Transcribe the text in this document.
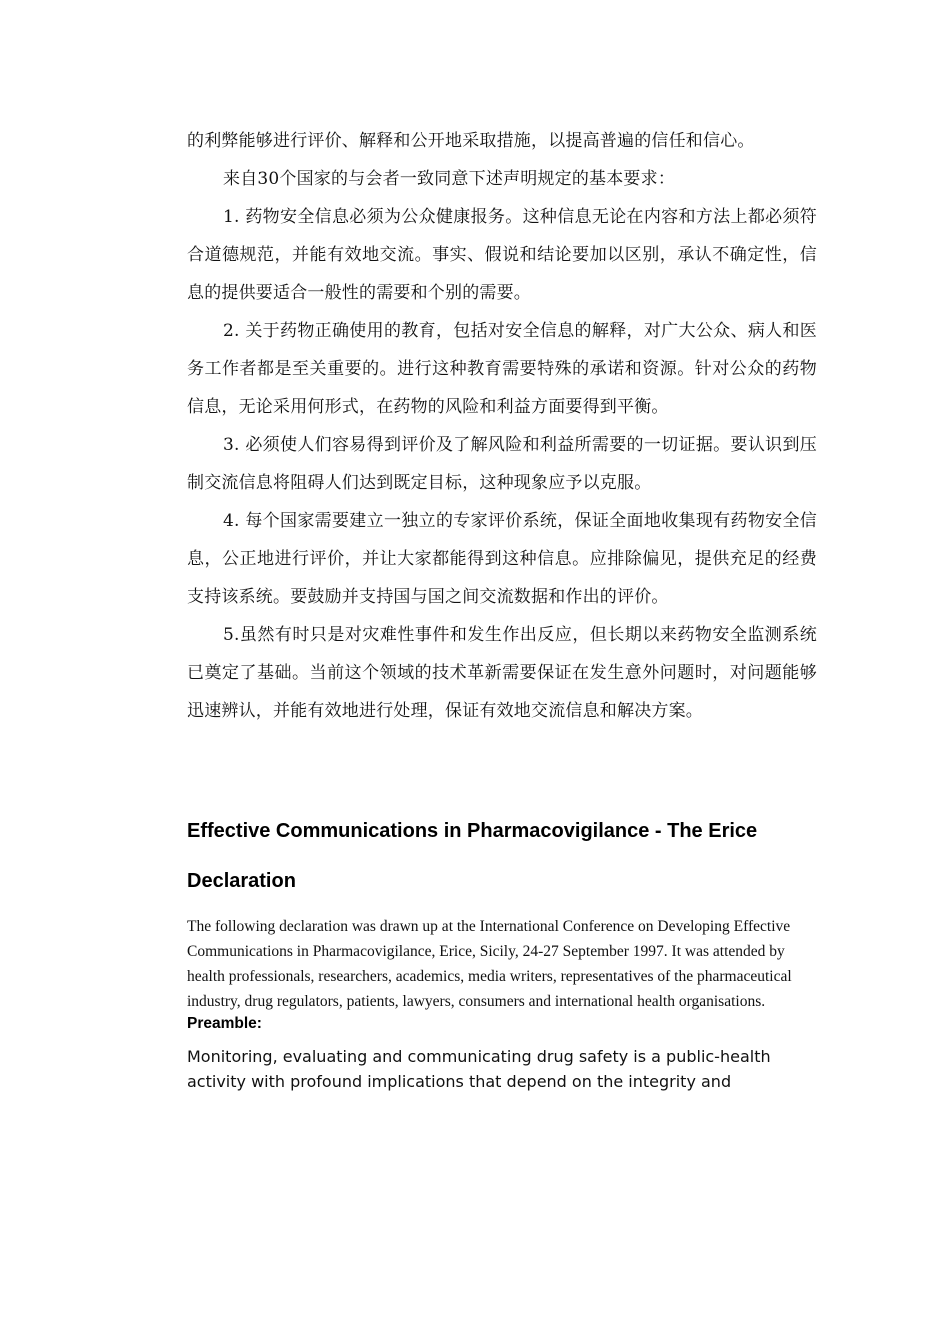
的利弊能够进行评价、解释和公开地采取措施，以提高普遍的信任和信心。

来自30个国家的与会者一致同意下述声明规定的基本要求：

1. 药物安全信息必须为公众健康报务。这种信息无论在内容和方法上都必须符合道德规范，并能有效地交流。事实、假说和结论要加以区别，承认不确定性，信息的提供要适合一般性的需要和个别的需要。

2. 关于药物正确使用的教育，包括对安全信息的解释，对广大公众、病人和医务工作者都是至关重要的。进行这种教育需要特殊的承诺和资源。针对公众的药物信息，无论采用何形式，在药物的风险和利益方面要得到平衡。

3. 必须使人们容易得到评价及了解风险和利益所需要的一切证据。要认识到压制交流信息将阻碍人们达到既定目标，这种现象应予以克服。

4. 每个国家需要建立一独立的专家评价系统，保证全面地收集现有药物安全信息，公正地进行评价，并让大家都能得到这种信息。应排除偏见，提供充足的经费支持该系统。要鼓励并支持国与国之间交流数据和作出的评价。

5.虽然有时只是对灾难性事件和发生作出反应，但长期以来药物安全监测系统已奠定了基础。当前这个领域的技术革新需要保证在发生意外问题时，对问题能够迅速辨认，并能有效地进行处理，保证有效地交流信息和解决方案。

Effective Communications in Pharmacovigilance - The Erice Declaration

The following declaration was drawn up at the International Conference on Developing Effective Communications in Pharmacovigilance, Erice, Sicily, 24-27 September 1997. It was attended by health professionals, researchers, academics, media writers, representatives of the pharmaceutical industry, drug regulators, patients, lawyers, consumers and international health organisations.

Preamble:

Monitoring, evaluating and communicating drug safety is a public-health activity with profound implications that depend on the integrity and
